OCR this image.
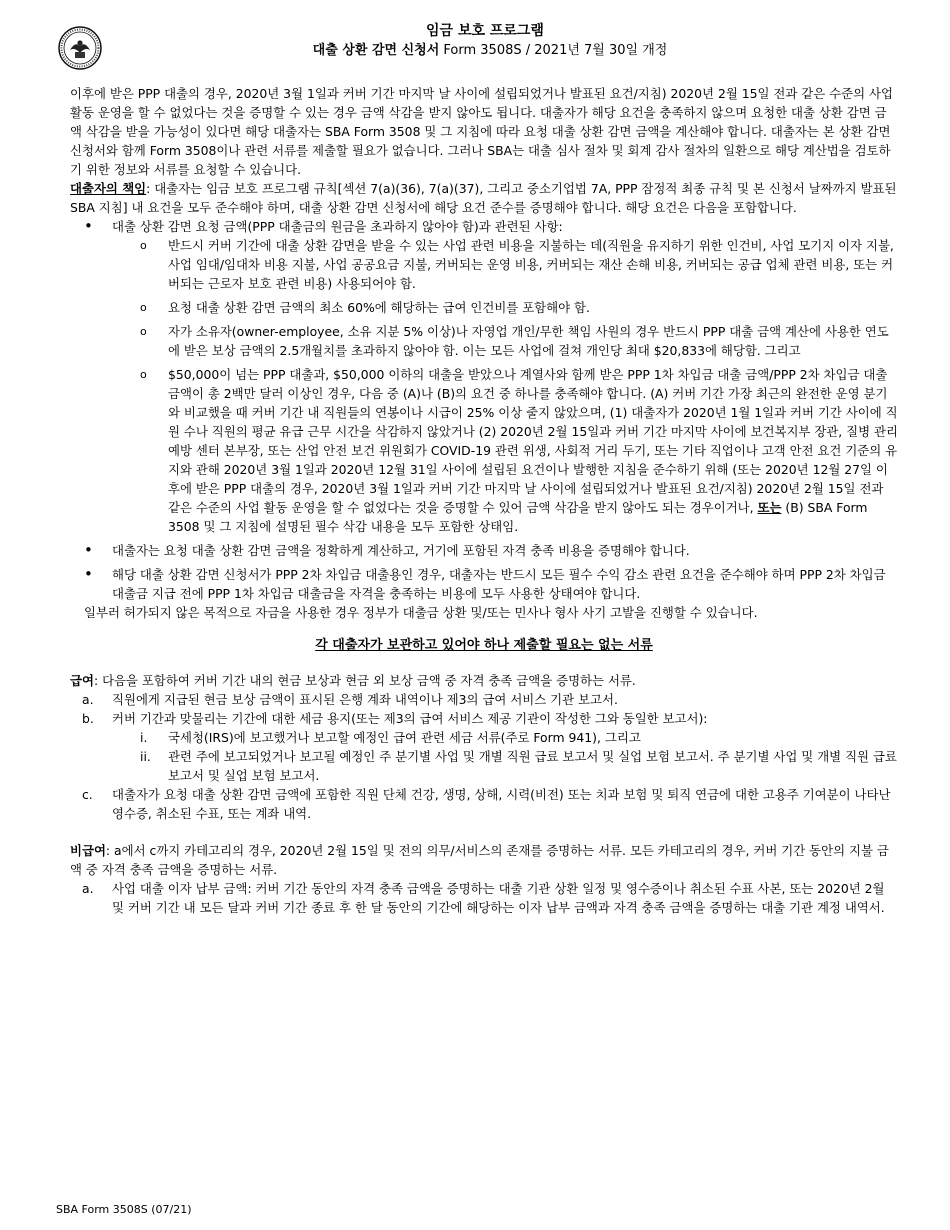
임금 보호 프로그램
대출 상환 감면 신청서 Form 3508S / 2021년 7월 30일 개정

이후에 받은 PPP 대출의 경우, 2020년 3월 1일과 커버 기간 마지막 날 사이에 설립되었거나 발표된 요건/지침) 2020년 2월 15일 전과 같은 수준의 사업 활동 운영을 할 수 없었다는 것을 증명할 수 있는 경우 금액 삭감을 받지 않아도 됩니다. 대출자가 해당 요건을 충족하지 않으며 요청한 대출 상환 감면 금액 삭감을 받을 가능성이 있다면 해당 대출자는 SBA Form 3508 및 그 지침에 따라 요청 대출 상환 감면 금액을 계산해야 합니다. 대출자는 본 상환 감면 신청서와 함께 Form 3508이나 관련 서류를 제출할 필요가 없습니다. 그러나 SBA는 대출 심사 절차 및 회계 감사 절차의 일환으로 해당 계산법을 검토하기 위한 정보와 서류를 요청할 수 있습니다.

대출자의 책임: 대출자는 임금 보호 프로그램 규칙[섹션 7(a)(36), 7(a)(37), 그리고 중소기업법 7A, PPP 잠정적 최종 규칙 및 본 신청서 날짜까지 발표된 SBA 지침] 내 요건을 모두 준수해야 하며, 대출 상환 감면 신청서에 해당 요건 준수를 증명해야 합니다. 해당 요건은 다음을 포함합니다.

•	대출 상환 감면 요청 금액(PPP 대출금의 원금을 초과하지 않아야 함)과 관련된 사항:
o	반드시 커버 기간에 대출 상환 감면을 받을 수 있는 사업 관련 비용을 지불하는 데(직원을 유지하기 위한 인건비, 사업 모기지 이자 지불, 사업 임대/임대차 비용 지불, 사업 공공요금 지불, 커버되는 운영 비용, 커버되는 재산 손해 비용, 커버되는 공급 업체 관련 비용, 또는 커버되는 근로자 보호 관련 비용) 사용되어야 함.
o	요청 대출 상환 감면 금액의 최소 60%에 해당하는 급여 인건비를 포함해야 함.
o	자가 소유자(owner-employee, 소유 지분 5% 이상)나 자영업 개인/무한 책임 사원의 경우 반드시 PPP 대출 금액 계산에 사용한 연도에 받은 보상 금액의 2.5개월치를 초과하지 않아야 함. 이는 모든 사업에 걸쳐 개인당 최대 $20,833에 해당함. 그리고
o	$50,000이 넘는 PPP 대출과, $50,000 이하의 대출을 받았으나 계열사와 함께 받은 PPP 1차 차입금 대출 금액/PPP 2차 차입금 대출 금액이 총 2백만 달러 이상인 경우, 다음 중 (A)나 (B)의 요건 중 하나를 충족해야 합니다. (A) 커버 기간 가장 최근의 완전한 운영 분기와 비교했을 때 커버 기간 내 직원들의 연봉이나 시급이 25% 이상 줄지 않았으며, (1) 대출자가 2020년 1월 1일과 커버 기간 사이에 직원 수나 직원의 평균 유급 근무 시간을 삭감하지 않았거나 (2) 2020년 2월 15일과 커버 기간 마지막 사이에 보건복지부 장관, 질병 관리 예방 센터 본부장, 또는 산업 안전 보건 위원회가 COVID-19 관련 위생, 사회적 거리 두기, 또는 기타 직업이나 고객 안전 요건 기준의 유지와 관해 2020년 3월 1일과 2020년 12월 31일 사이에 설립된 요건이나 발행한 지침을 준수하기 위해 (또는 2020년 12월 27일 이후에 받은 PPP 대출의 경우, 2020년 3월 1일과 커버 기간 마지막 날 사이에 설립되었거나 발표된 요건/지침) 2020년 2월 15일 전과 같은 수준의 사업 활동 운영을 할 수 없었다는 것을 증명할 수 있어 금액 삭감을 받지 않아도 되는 경우이거나, 또는 (B) SBA Form 3508 및 그 지침에 설명된 필수 삭감 내용을 모두 포함한 상태임.
•	대출자는 요청 대출 상환 감면 금액을 정확하게 계산하고, 거기에 포함된 자격 충족 비용을 증명해야 합니다.
•	해당 대출 상환 감면 신청서가 PPP 2차 차입금 대출용인 경우, 대출자는 반드시 모든 필수 수익 감소 관련 요건을 준수해야 하며 PPP 2차 차입금 대출금 지급 전에 PPP 1차 차입금 대출금을 자격을 충족하는 비용에 모두 사용한 상태여야 합니다.

일부러 허가되지 않은 목적으로 자금을 사용한 경우 정부가 대출금 상환 및/또는 민사나 형사 사기 고발을 진행할 수 있습니다.

각 대출자가 보관하고 있어야 하나 제출할 필요는 없는 서류

급여: 다음을 포함하여 커버 기간 내의 현금 보상과 현금 외 보상 금액 중 자격 충족 금액을 증명하는 서류.

a.	직원에게 지급된 현금 보상 금액이 표시된 은행 계좌 내역이나 제3의 급여 서비스 기관 보고서.
b.	커버 기간과 맞물리는 기간에 대한 세금 용지(또는 제3의 급여 서비스 제공 기관이 작성한 그와 동일한 보고서):
i.	국세청(IRS)에 보고했거나 보고할 예정인 급여 관련 세금 서류(주로 Form 941), 그리고
ii.	관련 주에 보고되었거나 보고될 예정인 주 분기별 사업 및 개별 직원 급료 보고서 및 실업 보험 보고서. 주 분기별 사업 및 개별 직원 급료 보고서 및 실업 보험 보고서.
c.	대출자가 요청 대출 상환 감면 금액에 포함한 직원 단체 건강, 생명, 상해, 시력(비전) 또는 치과 보험 및 퇴직 연금에 대한 고용주 기여분이 나타난 영수증, 취소된 수표, 또는 계좌 내역.

비급여: a에서 c까지 카테고리의 경우, 2020년 2월 15일 및 전의 의무/서비스의 존재를 증명하는 서류. 모든 카테고리의 경우, 커버 기간 동안의 지불 금액 중 자격 충족 금액을 증명하는 서류.

a.	사업 대출 이자 납부 금액: 커버 기간 동안의 자격 충족 금액을 증명하는 대출 기관 상환 일정 및 영수증이나 취소된 수표 사본, 또는 2020년 2월 및 커버 기간 내 모든 달과 커버 기간 종료 후 한 달 동안의 기간에 해당하는 이자 납부 금액과 자격 충족 금액을 증명하는 대출 기관 계정 내역서.
SBA Form 3508S (07/21)
